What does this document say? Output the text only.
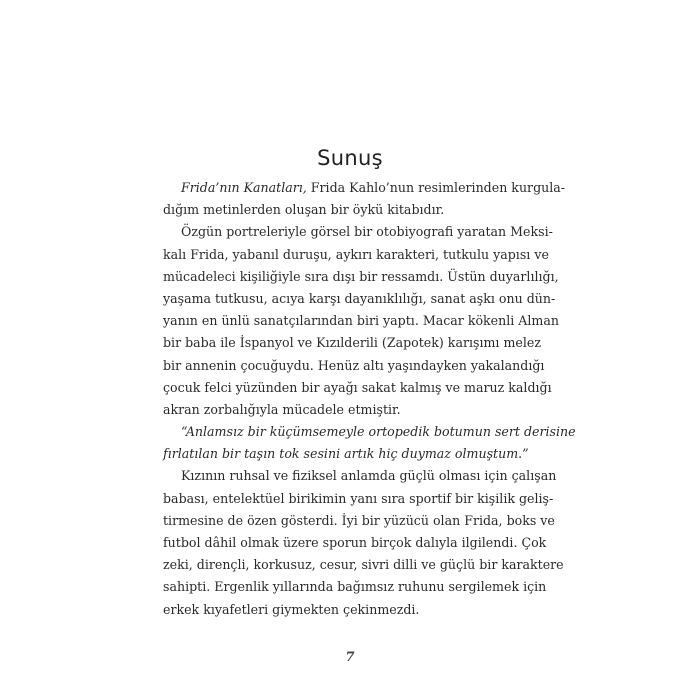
Sunuş
Frida’nın Kanatları, Frida Kahlo’nun resimlerinden kurgula-
dığım metinlerden oluşan bir öykü kitabıdır.
Özgün portreleriyle görsel bir otobiyografi yaratan Meksi-
kalı Frida, yabanıl duruşu, aykırı karakteri, tutkulu yapısı ve
mücadeleci kişiliğiyle sıra dışı bir ressamdı. Üstün duyarlılığı,
yaşama tutkusu, acıya karşı dayanıklılığı, sanat aşkı onu dün-
yanın en ünlü sanatçılarından biri yaptı. Macar kökenli Alman
bir baba ile İspanyol ve Kızılderili (Zapotek) karışımı melez
bir annenin çocuğuydu. Henüz altı yaşındayken yakalandığı
çocuk felci yüzünden bir ayağı sakat kalmış ve maruz kaldığı
akran zorbalığıyla mücadele etmiştir.
“Anlamsız bir küçümsemeyle ortopedik botumun sert derisine
fırlatılan bir taşın tok sesini artık hiç duymaz olmuştum.”
Kızının ruhsal ve fiziksel anlamda güçlü olması için çalışan
babası, entelektüel birikimin yanı sıra sportif bir kişilik geliş-
tirmesine de özen gösterdi. İyi bir yüzücü olan Frida, boks ve
futbol dâhil olmak üzere sporun birçok dalıyla ilgilendi. Çok
zeki, dirençli, korkusuz, cesur, sivri dilli ve güçlü bir karaktere
sahipti. Ergenlik yıllarında bağımsız ruhunu sergilemek için
erkek kıyafetleri giymekten çekinmezdi.
7
